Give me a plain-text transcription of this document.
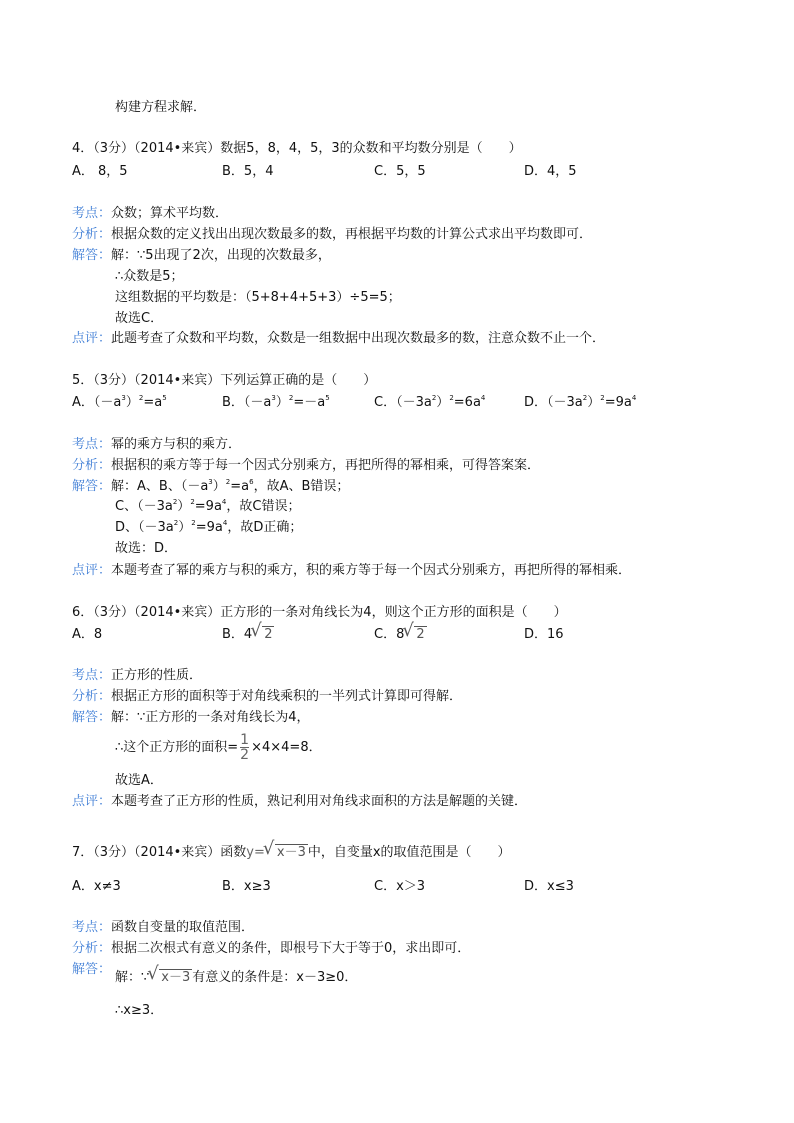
构建方程求解．
4．（3分）（2014•来宾）数据5，8，4，5，3的众数和平均数分别是（　　）
A． 8，5	B．5，4	C．5，5	D．4，5
考点：众数；算术平均数．
分析：根据众数的定义找出出现次数最多的数，再根据平均数的计算公式求出平均数即可．
解答：解：∵5出现了2次，出现的次数最多，
∴众数是5；
这组数据的平均数是：（5+8+4+5+3）÷5=5；
故选C．
点评：此题考查了众数和平均数，众数是一组数据中出现次数最多的数，注意众数不止一个．
5．（3分）（2014•来宾）下列运算正确的是（　　）
A．$(-a^3)^2=a^5$	B．$(-a^3)^2=-a^5$	C．$(-3a^2)^2=6a^4$	D．$(-3a^2)^2=9a^4$
考点：幂的乘方与积的乘方．
分析：根据积的乘方等于每一个因式分别乘方，再把所得的幂相乘，可得答案案．
解答：解：A、B、$(-a^3)^2=a^6$，故A、B错误；
C、$(-3a^2)^2=9a^4$，故C错误；
D、$(-3a^2)^2=9a^4$，故D正确；
故选：D．
点评：本题考查了幂的乘方与积的乘方，积的乘方等于每一个因式分别乘方，再把所得的幂相乘．
6．（3分）（2014•来宾）正方形的一条对角线长为4，则这个正方形的面积是（　　）
A．8	B．4 √ 2	C．8 √ 2	D．16
考点：正方形的性质．
分析：根据正方形的面积等于对角线乘积的一半列式计算即可得解．
解答：解：∵正方形的一条对角线长为4，
∴这个正方形的面积= $\frac{1}{2} \times 4\times 4=8$．
故选A．
点评：本题考查了正方形的性质，熟记利用对角线求面积的方法是解题的关键．
7．（3分）（2014•来宾）函数y= √ x－3 中，自变量x的取值范围是（　　）
A．x≠3	B．x≥3	C．x＞3	D．x≤3
考点：函数自变量的取值范围．
分析：根据二次根式有意义的条件，即根号下大于等于0，求出即可．
解答：
解：∵ √ x－3 有意义的条件是：x－3≥0．
∴x≥3．
